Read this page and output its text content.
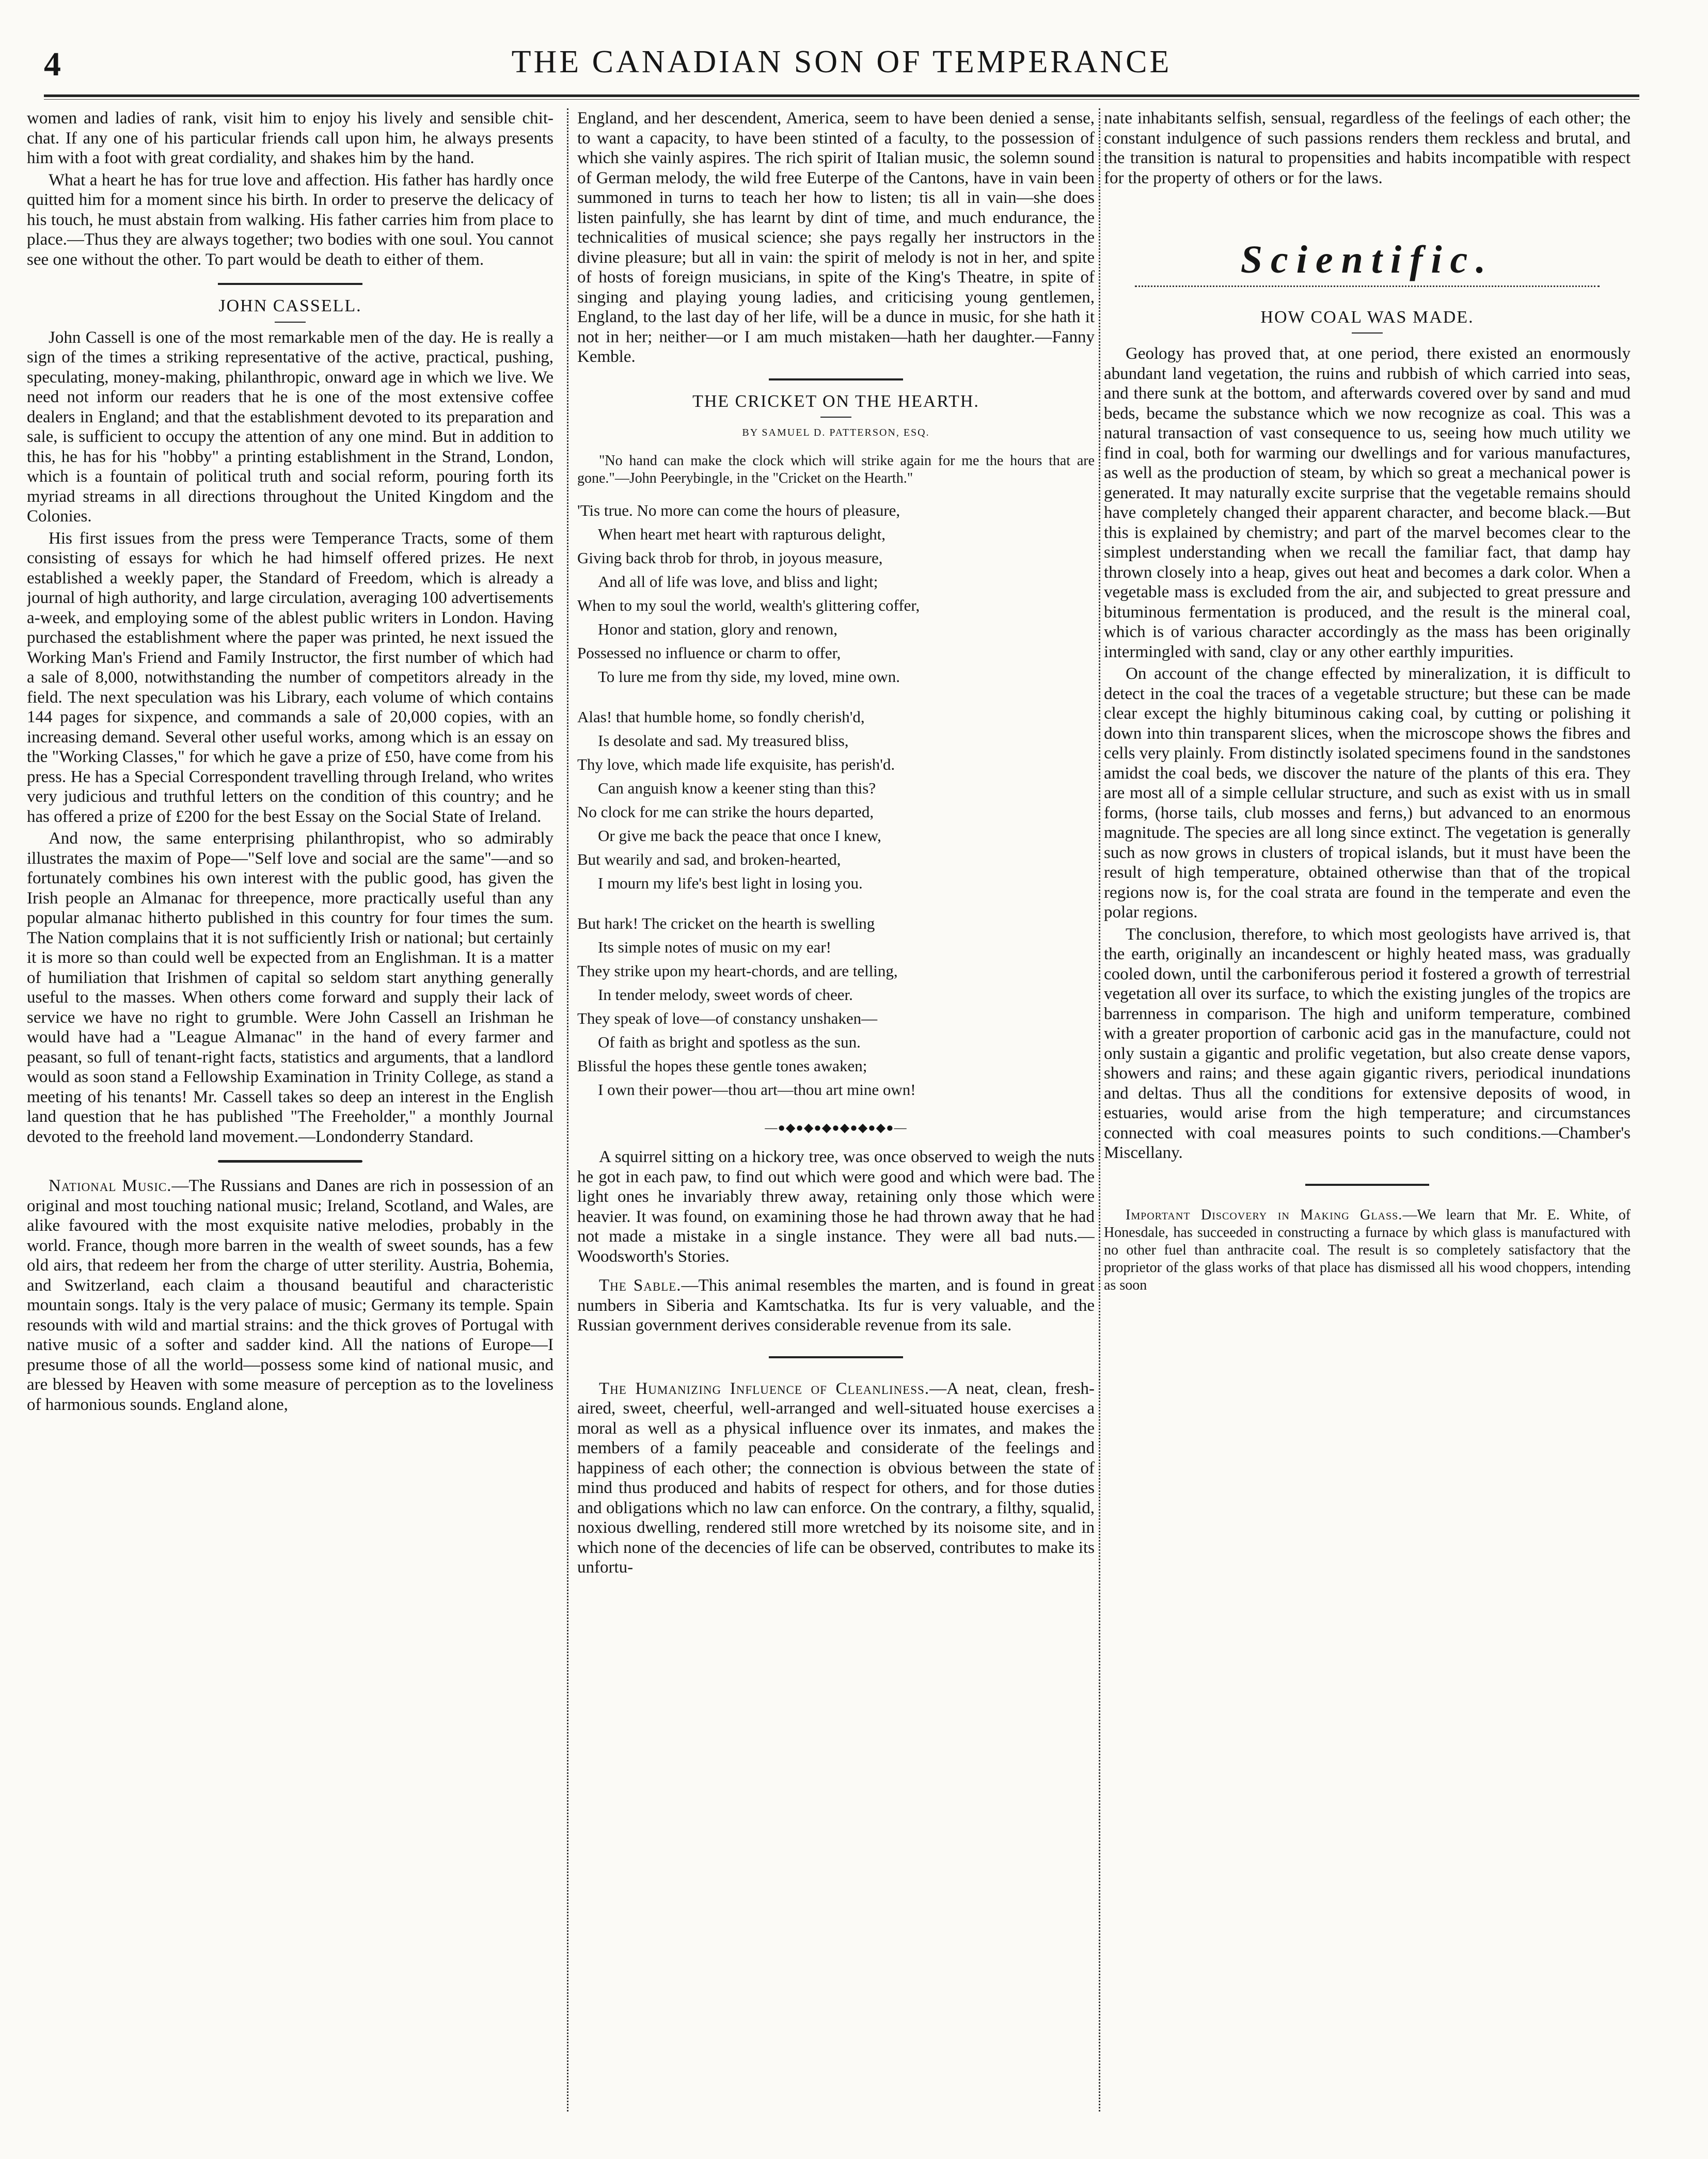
4	THE CANADIAN SON OF TEMPERANCE

women and ladies of rank, visit him to enjoy his lively and sensible chit-chat. If any one of his particular friends call upon him, he always presents him with a foot with great cordiality, and shakes him by the hand.

What a heart he has for true love and affection. His father has hardly once quitted him for a moment since his birth. In order to preserve the delicacy of his touch, he must abstain from walking. His father carries him from place to place.—Thus they are always together; two bodies with one soul. You cannot see one without the other. To part would be death to either of them.

JOHN CASSELL.

John Cassell is one of the most remarkable men of the day. He is really a sign of the times a striking representative of the active, practical, pushing, speculating, money-making, philanthropic, onward age in which we live. We need not inform our readers that he is one of the most extensive coffee dealers in England; and that the establishment devoted to its preparation and sale, is sufficient to occupy the attention of any one mind. But in addition to this, he has for his "hobby" a printing establishment in the Strand, London, which is a fountain of political truth and social reform, pouring forth its myriad streams in all directions throughout the United Kingdom and the Colonies.

His first issues from the press were Temperance Tracts, some of them consisting of essays for which he had himself offered prizes. He next established a weekly paper, the Standard of Freedom, which is already a journal of high authority, and large circulation, averaging 100 advertisements a-week, and employing some of the ablest public writers in London. Having purchased the establishment where the paper was printed, he next issued the Working Man's Friend and Family Instructor, the first number of which had a sale of 8,000, notwithstanding the number of competitors already in the field. The next speculation was his Library, each volume of which contains 144 pages for sixpence, and commands a sale of 20,000 copies, with an increasing demand. Several other useful works, among which is an essay on the "Working Classes," for which he gave a prize of £50, have come from his press. He has a Special Correspondent travelling through Ireland, who writes very judicious and truthful letters on the condition of this country; and he has offered a prize of £200 for the best Essay on the Social State of Ireland.

And now, the same enterprising philanthropist, who so admirably illustrates the maxim of Pope—"Self love and social are the same"—and so fortunately combines his own interest with the public good, has given the Irish people an Almanac for threepence, more practically useful than any popular almanac hitherto published in this country for four times the sum. The Nation complains that it is not sufficiently Irish or national; but certainly it is more so than could well be expected from an Englishman. It is a matter of humiliation that Irishmen of capital so seldom start anything generally useful to the masses. When others come forward and supply their lack of service we have no right to grumble. Were John Cassell an Irishman he would have had a "League Almanac" in the hand of every farmer and peasant, so full of tenant-right facts, statistics and arguments, that a landlord would as soon stand a Fellowship Examination in Trinity College, as stand a meeting of his tenants! Mr. Cassell takes so deep an interest in the English land question that he has published "The Freeholder," a monthly Journal devoted to the freehold land movement.—Londonderry Standard.

National Music.—The Russians and Danes are rich in possession of an original and most touching national music; Ireland, Scotland, and Wales, are alike favoured with the most exquisite native melodies, probably in the world. France, though more barren in the wealth of sweet sounds, has a few old airs, that redeem her from the charge of utter sterility. Austria, Bohemia, and Switzerland, each claim a thousand beautiful and characteristic mountain songs. Italy is the very palace of music; Germany its temple. Spain resounds with wild and martial strains: and the thick groves of Portugal with native music of a softer and sadder kind. All the nations of Europe—I presume those of all the world—possess some kind of national music, and are blessed by Heaven with some measure of perception as to the loveliness of harmonious sounds. England alone,

England, and her descendent, America, seem to have been denied a sense, to want a capacity, to have been stinted of a faculty, to the possession of which she vainly aspires. The rich spirit of Italian music, the solemn sound of German melody, the wild free Euterpe of the Cantons, have in vain been summoned in turns to teach her how to listen; tis all in vain—she does listen painfully, she has learnt by dint of time, and much endurance, the technicalities of musical science; she pays regally her instructors in the divine pleasure; but all in vain: the spirit of melody is not in her, and spite of hosts of foreign musicians, in spite of the King's Theatre, in spite of singing and playing young ladies, and criticising young gentlemen, England, to the last day of her life, will be a dunce in music, for she hath it not in her; neither—or I am much mistaken—hath her daughter.—Fanny Kemble.

THE CRICKET ON THE HEARTH.
BY SAMUEL D. PATTERSON, ESQ.

"No hand can make the clock which will strike again for me the hours that are gone."—John Peerybingle, in the "Cricket on the Hearth."

'Tis true. No more can come the hours of pleasure,
When heart met heart with rapturous delight,
Giving back throb for throb, in joyous measure,
And all of life was love, and bliss and light;
When to my soul the world, wealth's glittering coffer,
Honor and station, glory and renown,
Possessed no influence or charm to offer,
To lure me from thy side, my loved, mine own.
Alas! that humble home, so fondly cherish'd,
Is desolate and sad. My treasured bliss,
Thy love, which made life exquisite, has perish'd.
Can anguish know a keener sting than this?
No clock for me can strike the hours departed,
Or give me back the peace that once I knew,
But wearily and sad, and broken-hearted,
I mourn my life's best light in losing you.
But hark! The cricket on the hearth is swelling
Its simple notes of music on my ear!
They strike upon my heart-chords, and are telling,
In tender melody, sweet words of cheer.
They speak of love—of constancy unshaken—
Of faith as bright and spotless as the sun.
Blissful the hopes these gentle tones awaken;
I own their power—thou art—thou art mine own!
—●◆●◆●◆●◆●◆●◆●—

A squirrel sitting on a hickory tree, was once observed to weigh the nuts he got in each paw, to find out which were good and which were bad. The light ones he invariably threw away, retaining only those which were heavier. It was found, on examining those he had thrown away that he had not made a mistake in a single instance. They were all bad nuts.—Woodsworth's Stories.

The Sable.—This animal resembles the marten, and is found in great numbers in Siberia and Kamtschatka. Its fur is very valuable, and the Russian government derives considerable revenue from its sale.

The Humanizing Influence of Cleanliness.—A neat, clean, fresh-aired, sweet, cheerful, well-arranged and well-situated house exercises a moral as well as a physical influence over its inmates, and makes the members of a family peaceable and considerate of the feelings and happiness of each other; the connection is obvious between the state of mind thus produced and habits of respect for others, and for those duties and obligations which no law can enforce. On the contrary, a filthy, squalid, noxious dwelling, rendered still more wretched by its noisome site, and in which none of the decencies of life can be observed, contributes to make its unfortu-

nate inhabitants selfish, sensual, regardless of the feelings of each other; the constant indulgence of such passions renders them reckless and brutal, and the transition is natural to propensities and habits incompatible with respect for the property of others or for the laws.

Scientific.
HOW COAL WAS MADE.

Geology has proved that, at one period, there existed an enormously abundant land vegetation, the ruins and rubbish of which carried into seas, and there sunk at the bottom, and afterwards covered over by sand and mud beds, became the substance which we now recognize as coal. This was a natural transaction of vast consequence to us, seeing how much utility we find in coal, both for warming our dwellings and for various manufactures, as well as the production of steam, by which so great a mechanical power is generated. It may naturally excite surprise that the vegetable remains should have completely changed their apparent character, and become black.—But this is explained by chemistry; and part of the marvel becomes clear to the simplest understanding when we recall the familiar fact, that damp hay thrown closely into a heap, gives out heat and becomes a dark color. When a vegetable mass is excluded from the air, and subjected to great pressure and bituminous fermentation is produced, and the result is the mineral coal, which is of various character accordingly as the mass has been originally intermingled with sand, clay or any other earthly impurities.

On account of the change effected by mineralization, it is difficult to detect in the coal the traces of a vegetable structure; but these can be made clear except the highly bituminous caking coal, by cutting or polishing it down into thin transparent slices, when the microscope shows the fibres and cells very plainly. From distinctly isolated specimens found in the sandstones amidst the coal beds, we discover the nature of the plants of this era. They are most all of a simple cellular structure, and such as exist with us in small forms, (horse tails, club mosses and ferns,) but advanced to an enormous magnitude. The species are all long since extinct. The vegetation is generally such as now grows in clusters of tropical islands, but it must have been the result of high temperature, obtained otherwise than that of the tropical regions now is, for the coal strata are found in the temperate and even the polar regions.

The conclusion, therefore, to which most geologists have arrived is, that the earth, originally an incandescent or highly heated mass, was gradually cooled down, until the carboniferous period it fostered a growth of terrestrial vegetation all over its surface, to which the existing jungles of the tropics are barrenness in comparison. The high and uniform temperature, combined with a greater proportion of carbonic acid gas in the manufacture, could not only sustain a gigantic and prolific vegetation, but also create dense vapors, showers and rains; and these again gigantic rivers, periodical inundations and deltas. Thus all the conditions for extensive deposits of wood, in estuaries, would arise from the high temperature; and circumstances connected with coal measures points to such conditions.—Chamber's Miscellany.

Important Discovery in Making Glass.—We learn that Mr. E. White, of Honesdale, has succeeded in constructing a furnace by which glass is manufactured with no other fuel than anthracite coal. The result is so completely satisfactory that the proprietor of the glass works of that place has dismissed all his wood choppers, intending as soon
